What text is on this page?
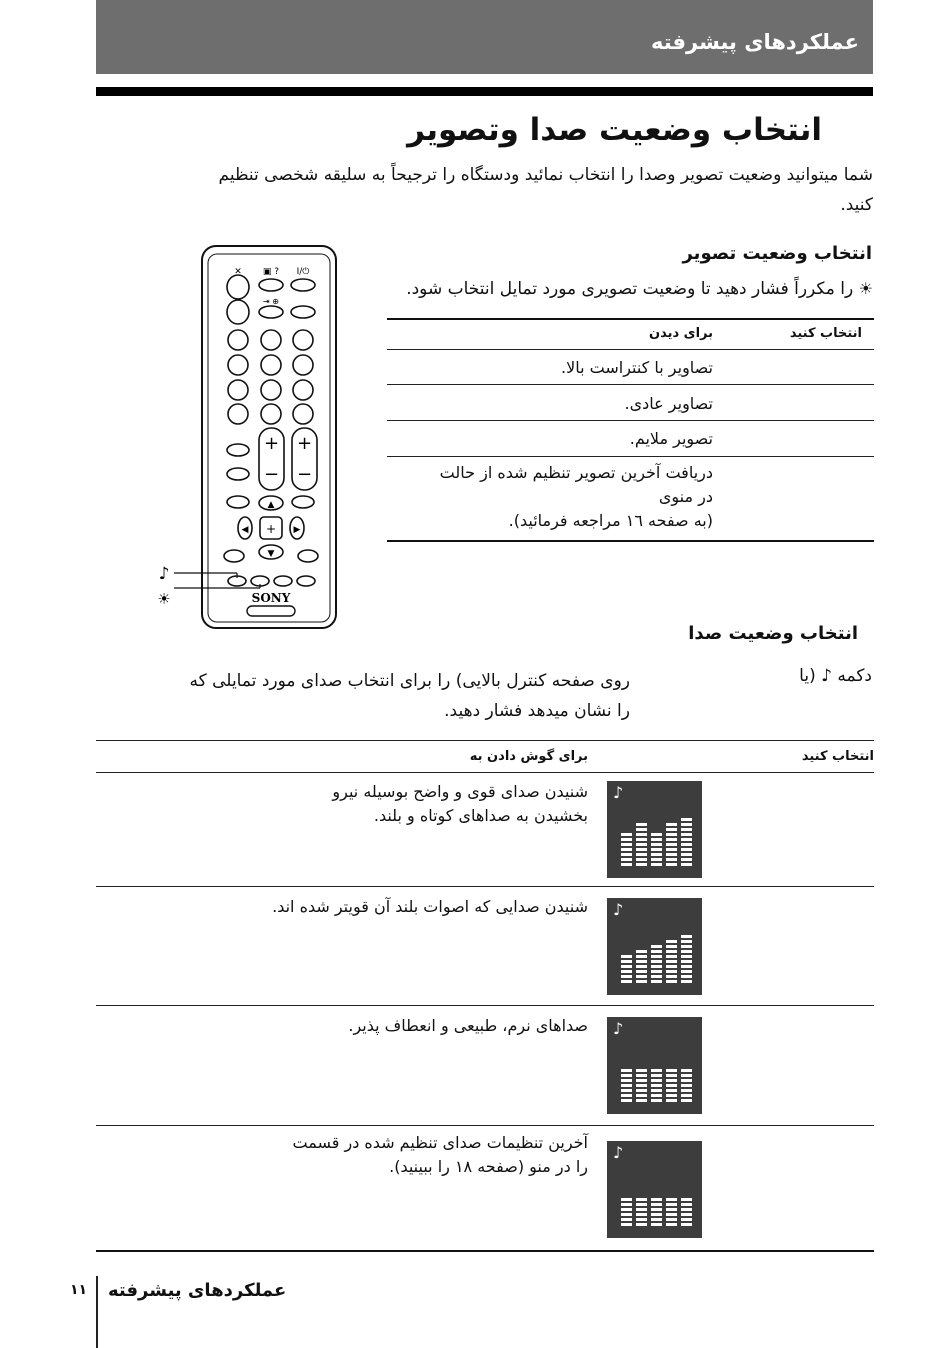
عملکردهای پیشرفته
انتخاب وضعیت صدا وتصویر
شما میتوانید وضعیت تصویر وصدا را انتخاب نمائید ودستگاه را ترجیحاً به سلیقه شخصی تنظیم کنید.
انتخاب وضعیت تصویر
☀ را مکرراً فشار دهید تا وضعیت تصویری مورد تمایل انتخاب شود.
انتخاب کنید
برای دیدن
تصاویر با کنتراست بالا.
تصاویر عادی.
تصویر ملایم.
دریافت آخرین تصویر تنظیم شده از حالت
در منوی
(به صفحه ۱٦ مراجعه فرمائید).
✕ ▣ ? I/⏻
⇥ ⊕
+ +
− −
▲
◀ + ▶
▼
SONY
♪
☀
انتخاب وضعیت صدا
دکمه ♪ (یا
روی صفحه کنترل بالایی) را برای انتخاب صدای مورد تمایلی که
را نشان میدهد فشار دهید.
انتخاب کنید
برای گوش دادن به
شنیدن صدای قوی و واضح بوسیله نیرو
بخشیدن به صداهای کوتاه و بلند.
♪
شنیدن صدایی که اصوات بلند آن قویتر شده اند. ♪
صداهای نرم، طبیعی و انعطاف پذیر. ♪
آخرین تنظیمات صدای تنظیم شده در قسمت
را در منو (صفحه ۱۸ را ببینید).
♪
عملکردهای پیشرفته
۱۱
